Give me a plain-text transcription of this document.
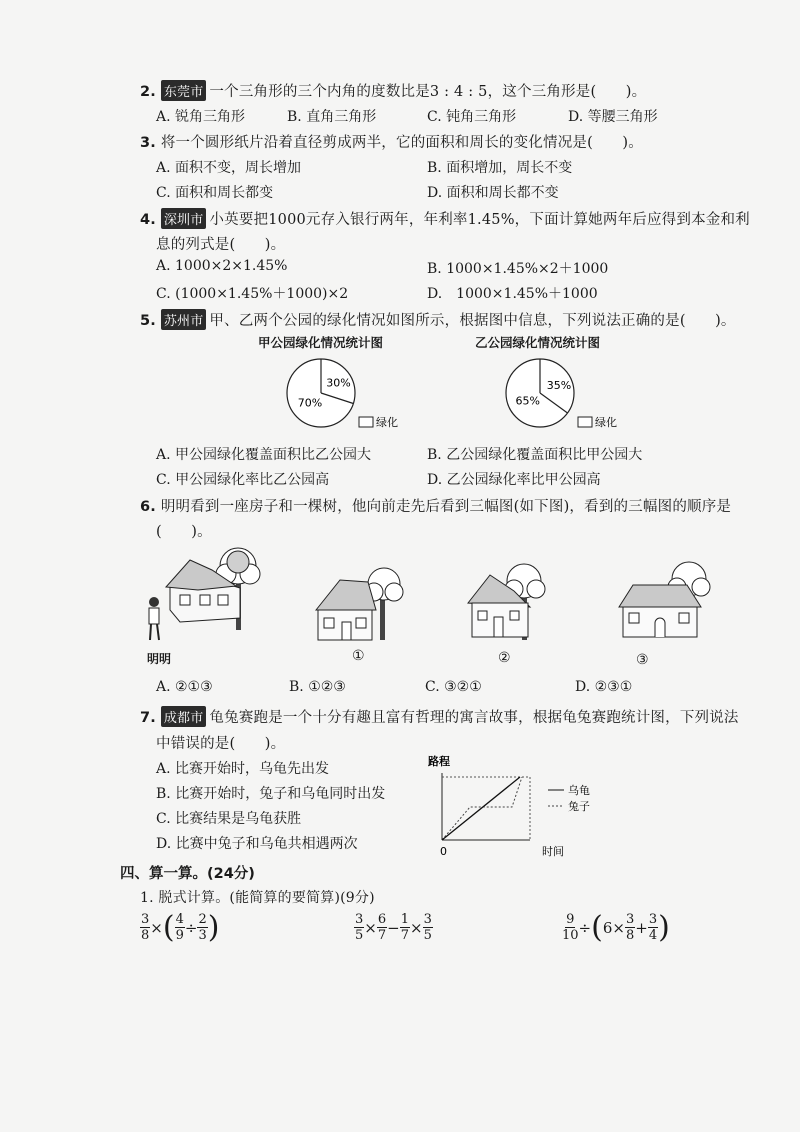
2. 东莞市 一个三角形的三个内角的度数比是3 : 4 : 5，这个三角形是(　　)。
A. 锐角三角形	B. 直角三角形	C. 钝角三角形	D. 等腰三角形
3. 将一个圆形纸片沿着直径剪成两半，它的面积和周长的变化情况是(　　)。
A. 面积不变，周长增加	B. 面积增加，周长不变
C. 面积和周长都变	D. 面积和周长都不变
4. 深圳市 小英要把1000元存入银行两年，年利率1.45%，下面计算她两年后应得到本金和利
息的列式是(　　)。
A. 1000×2×1.45%	B. 1000×1.45%×2＋1000
C. (1000×1.45%＋1000)×2	D.　1000×1.45%＋1000
5. 苏州市 甲、乙两个公园的绿化情况如图所示，根据图中信息，下列说法正确的是(　　)。
甲公园绿化情况统计图	乙公园绿化情况统计图
30%
70%
绿化
35%
65%
绿化
A. 甲公园绿化覆盖面积比乙公园大	B. 乙公园绿化覆盖面积比甲公园大
C. 甲公园绿化率比乙公园高	D. 乙公园绿化率比甲公园高
6. 明明看到一座房子和一棵树，他向前走先后看到三幅图(如下图)，看到的三幅图的顺序是
(　　)。
明明	①	②	③
A. ②①③	B. ①②③	C. ③②①	D. ②③①
7. 成都市 龟兔赛跑是一个十分有趣且富有哲理的寓言故事，根据龟兔赛跑统计图，下列说法
中错误的是(　　)。
A. 比赛开始时，乌龟先出发
B. 比赛开始时，兔子和乌龟同时出发
C. 比赛结果是乌龟获胜
D. 比赛中兔子和乌龟共相遇两次
路程
0	时间
乌龟
兔子
四、算一算。(24分)
1. 脱式计算。(能简算的要简算)(9分)
$\frac{3}{8}$ × ( $\frac{4}{9} \div \frac{2}{3}$ )	$\frac{3}{5} \times \frac{6}{7} - \frac{1}{7} \times \frac{3}{5}$	$\frac{9}{10}$ ÷ ( $6 \times \frac{3}{8} + \frac{3}{4}$ )
